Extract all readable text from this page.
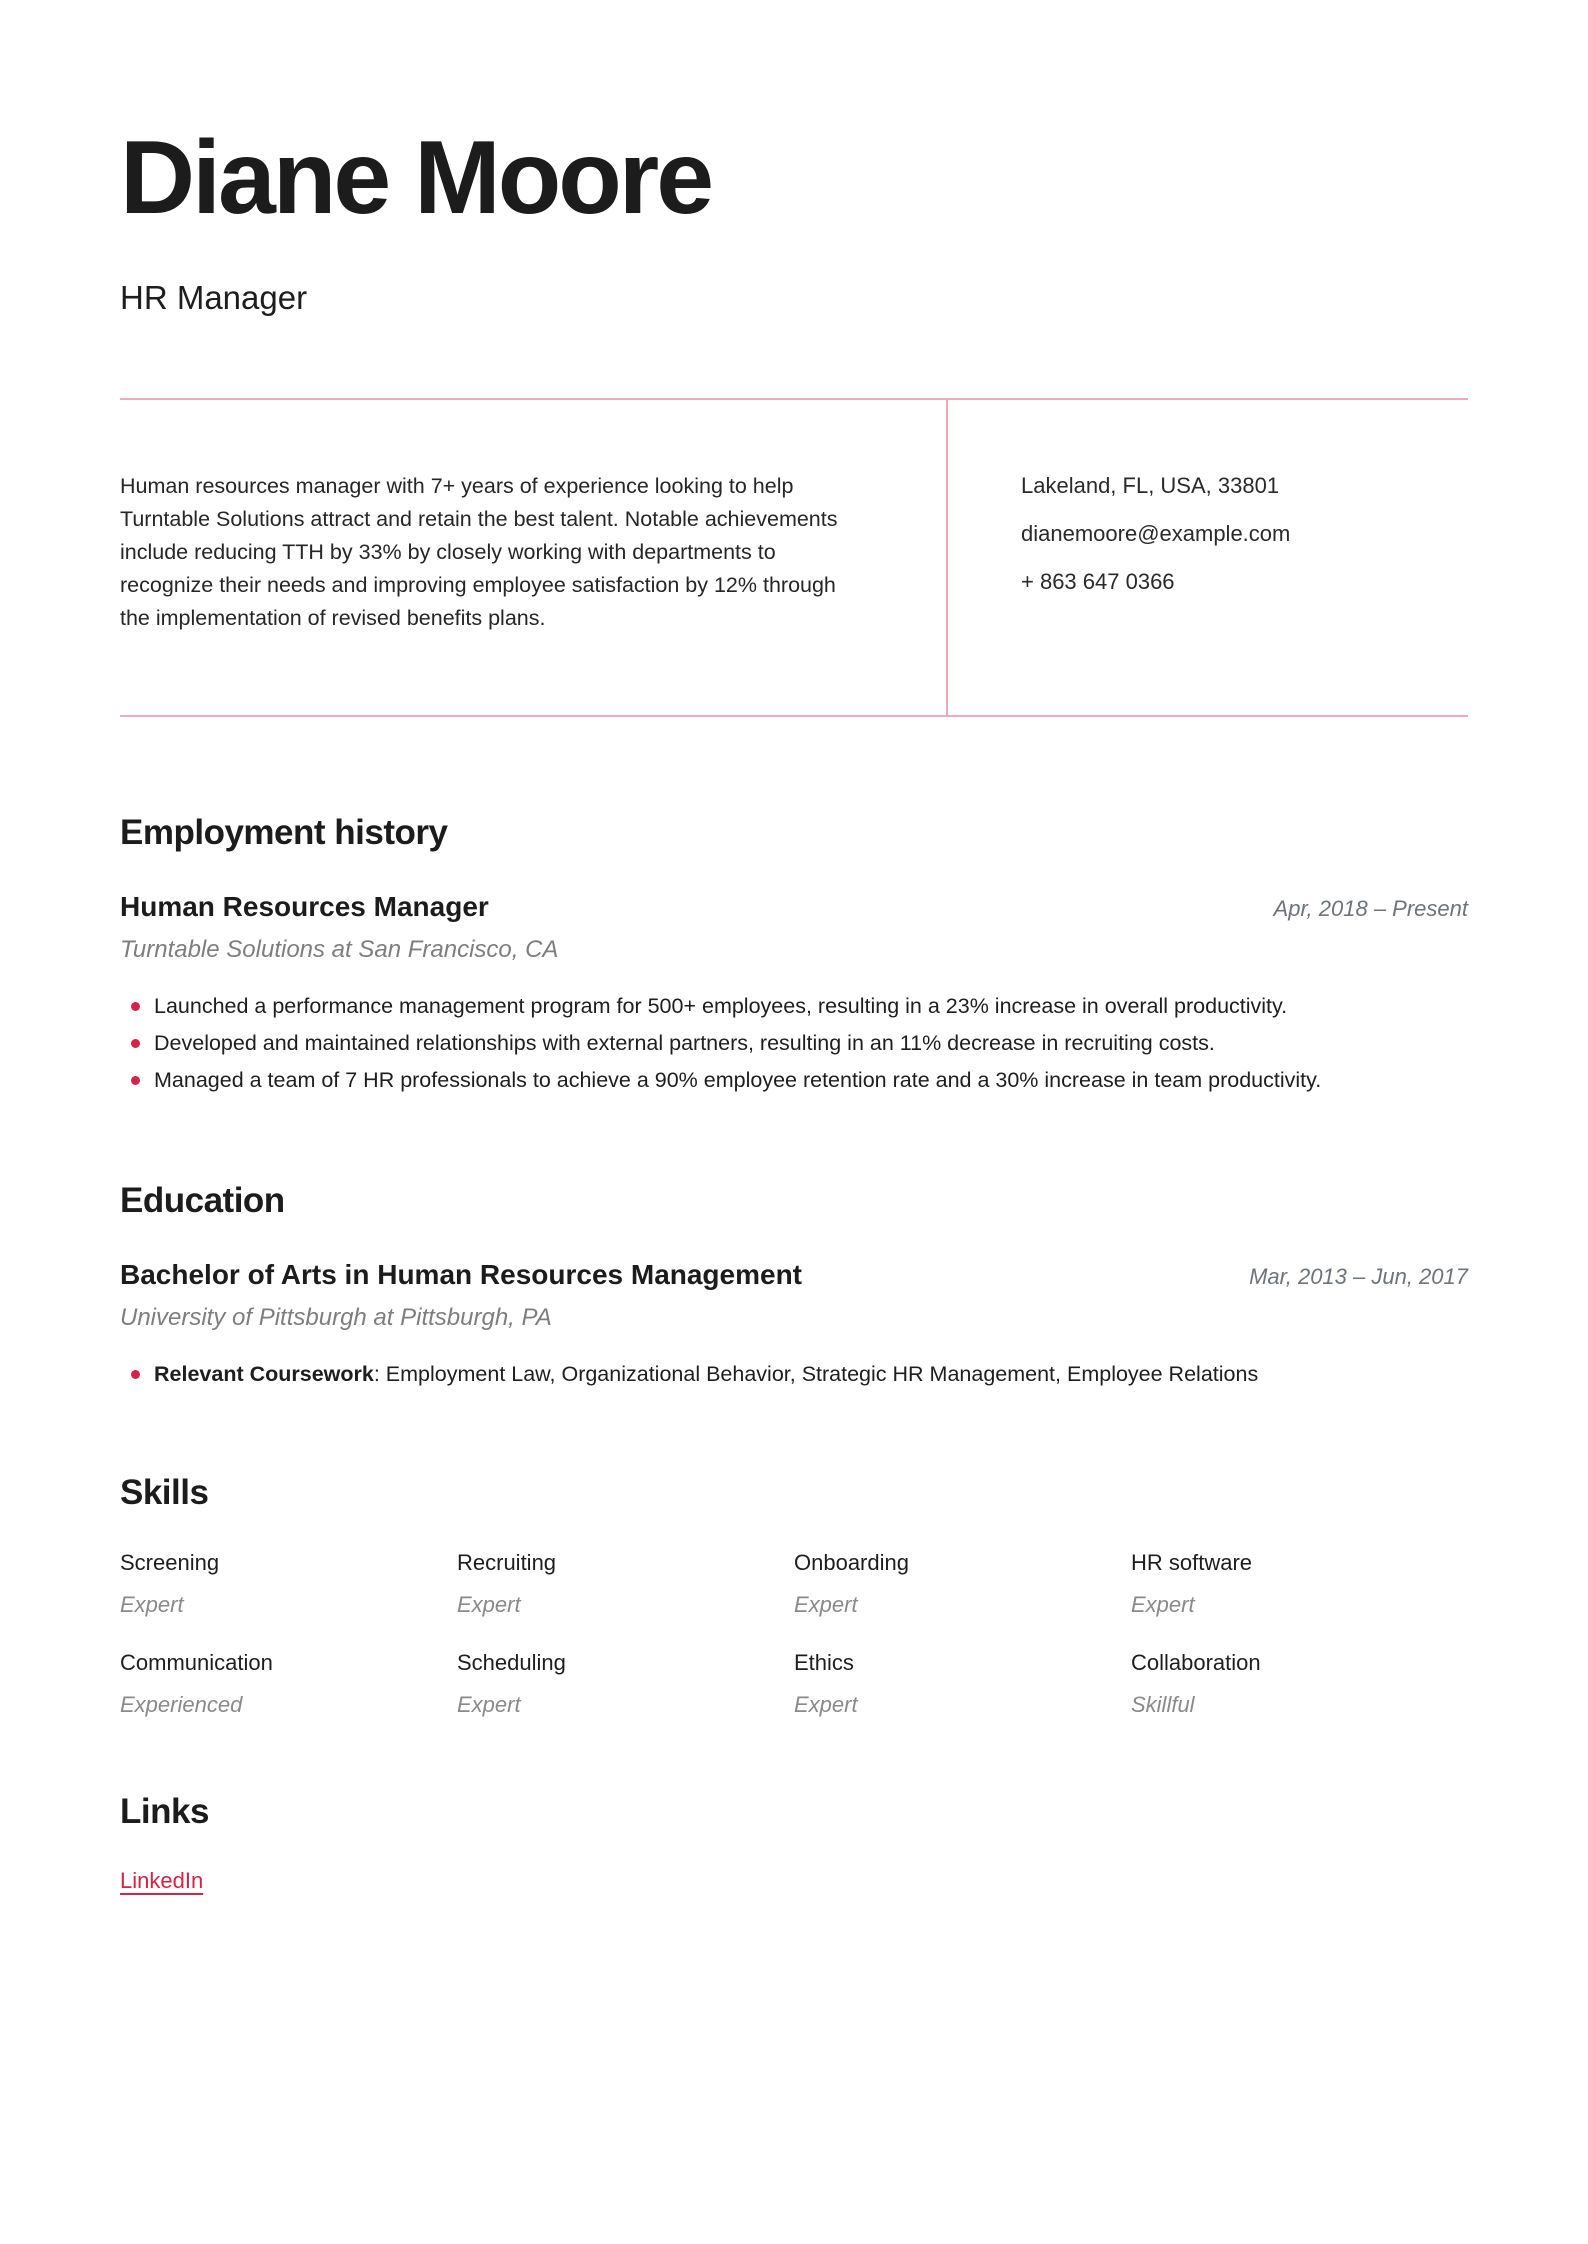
Diane Moore
HR Manager
Human resources manager with 7+ years of experience looking to help Turntable Solutions attract and retain the best talent. Notable achievements include reducing TTH by 33% by closely working with departments to recognize their needs and improving employee satisfaction by 12% through the implementation of revised benefits plans.
Lakeland, FL, USA, 33801
dianemoore@example.com
+ 863 647 0366
Employment history
Human Resources Manager	Apr, 2018 – Present
Turntable Solutions at San Francisco, CA
Launched a performance management program for 500+ employees, resulting in a 23% increase in overall productivity.
Developed and maintained relationships with external partners, resulting in an 11% decrease in recruiting costs.
Managed a team of 7 HR professionals to achieve a 90% employee retention rate and a 30% increase in team productivity.
Education
Bachelor of Arts in Human Resources Management	Mar, 2013 – Jun, 2017
University of Pittsburgh at Pittsburgh, PA
Relevant Coursework: Employment Law, Organizational Behavior, Strategic HR Management, Employee Relations
Skills
Screening
Expert
Recruiting
Expert
Onboarding
Expert
HR software
Expert
Communication
Experienced
Scheduling
Expert
Ethics
Expert
Collaboration
Skillful
Links
LinkedIn
